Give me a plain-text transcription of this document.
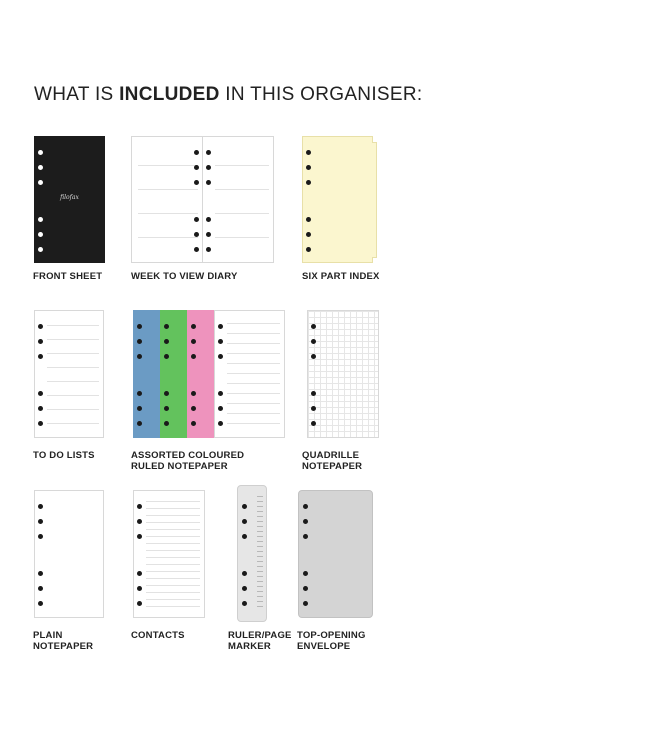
WHAT IS INCLUDED IN THIS ORGANISER:
filofax
FRONT SHEET	WEEK TO VIEW DIARY	SIX PART INDEX
TO DO LISTS	ASSORTED COLOURED
RULED NOTEPAPER
QUADRILLE
NOTEPAPER
PLAIN
NOTEPAPER
CONTACTS	RULER/PAGE
MARKER
TOP-OPENING
ENVELOPE
